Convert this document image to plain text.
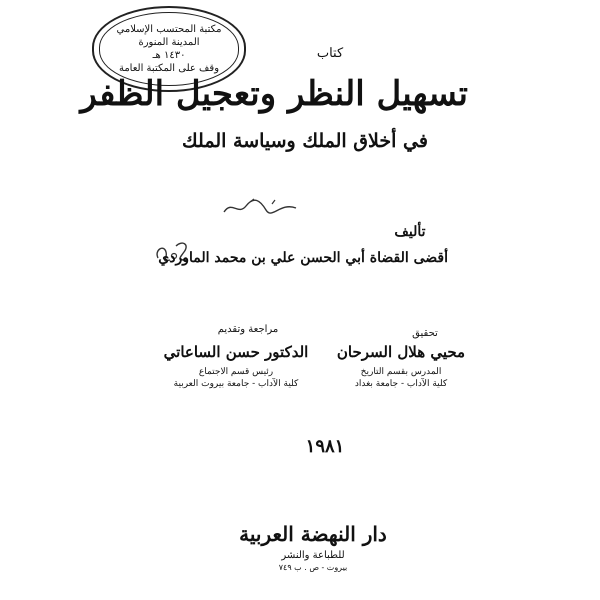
مكتبة المحتسب الإسلامي
المدينة المنورة
١٤٣٠ هـ
وقف على المكتبة العامة
كتاب
تسهيل النظر وتعجيل الظفر
في أخلاق الملك وسياسة الملك
تأليف
أقضى القضاة أبي الحسن علي بن محمد الماوردي
تحقيق
محيي هلال السرحان
المدرس بقسم التاريخ
كلية الآداب - جامعة بغداد
مراجعة وتقديم
الدكتور حسن الساعاتي
رئيس قسم الاجتماع
كلية الآداب - جامعة بيروت العربية
١٩٨١
دار النهضة العربية
للطباعة والنشر
بيروت - ص . ب ٧٤٩
